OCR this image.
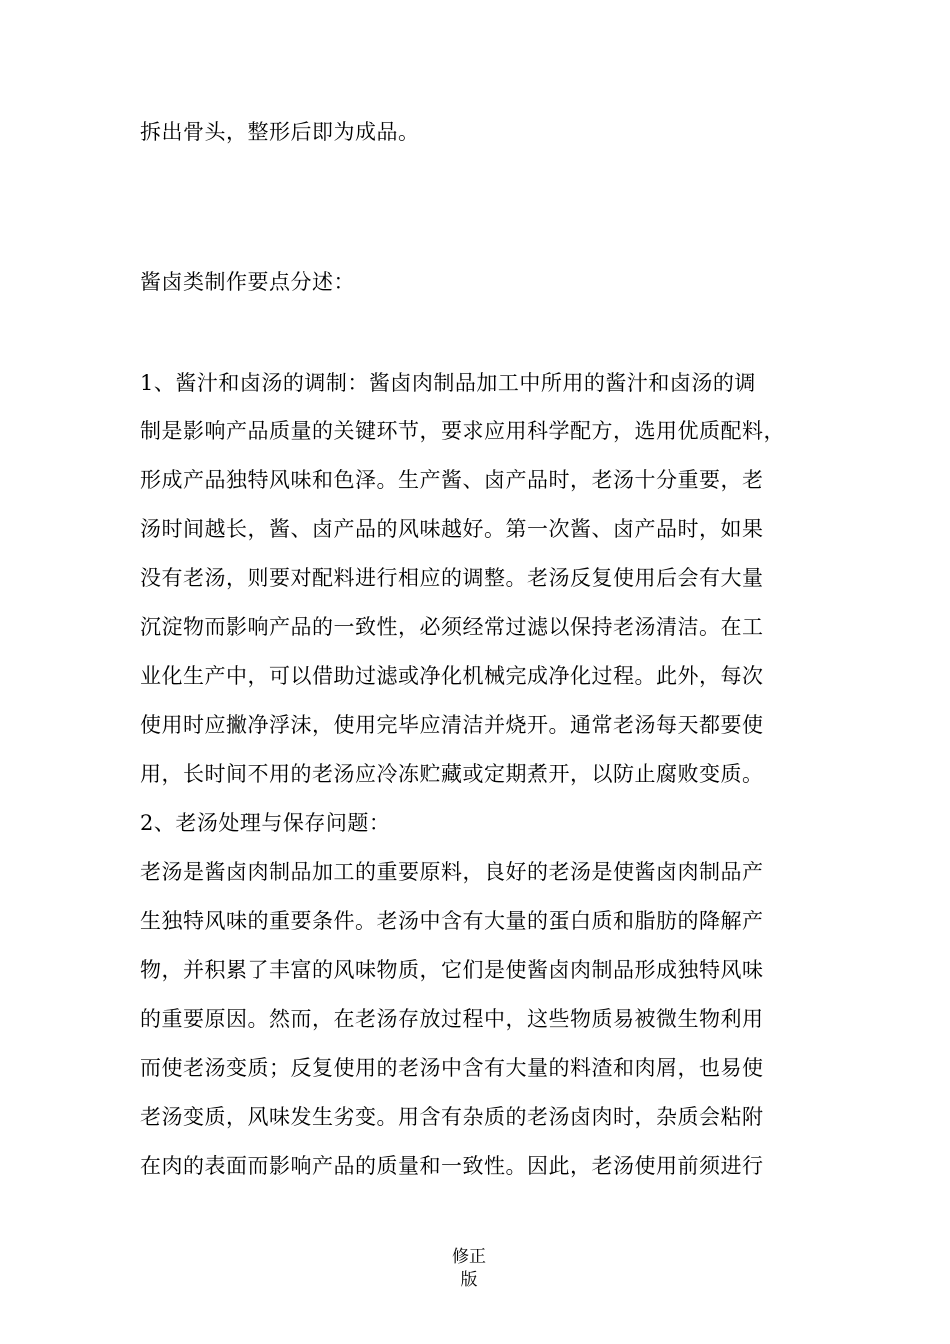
拆出骨头，整形后即为成品。
酱卤类制作要点分述：
1、酱汁和卤汤的调制：酱卤肉制品加工中所用的酱汁和卤汤的调
制是影响产品质量的关键环节，要求应用科学配方，选用优质配料，
形成产品独特风味和色泽。生产酱、卤产品时，老汤十分重要，老
汤时间越长，酱、卤产品的风味越好。第一次酱、卤产品时，如果
没有老汤，则要对配料进行相应的调整。老汤反复使用后会有大量
沉淀物而影响产品的一致性，必须经常过滤以保持老汤清洁。在工
业化生产中，可以借助过滤或净化机械完成净化过程。此外，每次
使用时应撇净浮沫，使用完毕应清洁并烧开。通常老汤每天都要使
用，长时间不用的老汤应冷冻贮藏或定期煮开，以防止腐败变质。
2、老汤处理与保存问题：
老汤是酱卤肉制品加工的重要原料，良好的老汤是使酱卤肉制品产
生独特风味的重要条件。老汤中含有大量的蛋白质和脂肪的降解产
物，并积累了丰富的风味物质，它们是使酱卤肉制品形成独特风味
的重要原因。然而，在老汤存放过程中，这些物质易被微生物利用
而使老汤变质；反复使用的老汤中含有大量的料渣和肉屑，也易使
老汤变质，风味发生劣变。用含有杂质的老汤卤肉时，杂质会粘附
在肉的表面而影响产品的质量和一致性。因此，老汤使用前须进行
修正
版
